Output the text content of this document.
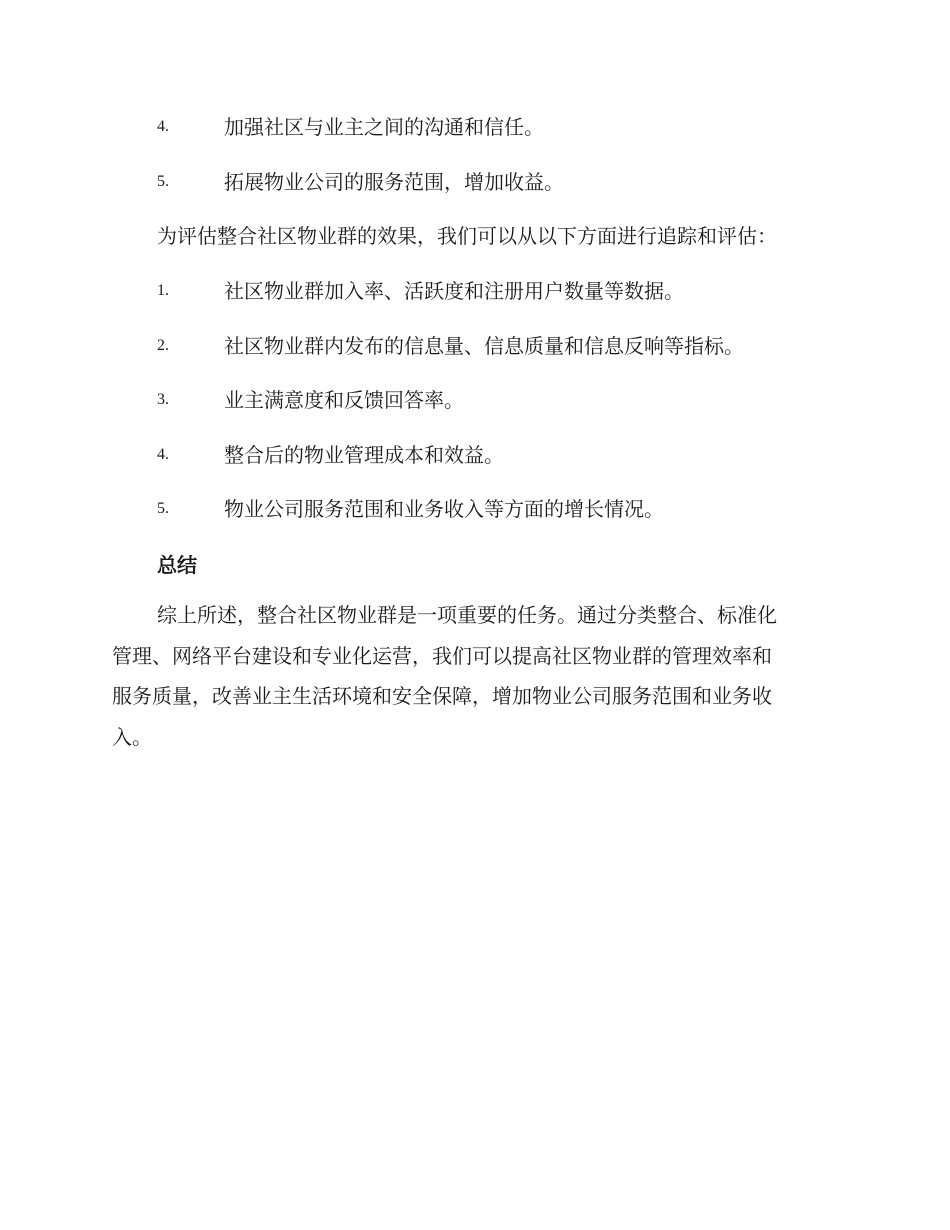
4.	加强社区与业主之间的沟通和信任。
5.	拓展物业公司的服务范围，增加收益。
为评估整合社区物业群的效果，我们可以从以下方面进行追踪和评估：
1.	社区物业群加入率、活跃度和注册用户数量等数据。
2.	社区物业群内发布的信息量、信息质量和信息反响等指标。
3.	业主满意度和反馈回答率。
4.	整合后的物业管理成本和效益。
5.	物业公司服务范围和业务收入等方面的增长情况。
总结
综上所述，整合社区物业群是一项重要的任务。通过分类整合、标准化
管理、网络平台建设和专业化运营，我们可以提高社区物业群的管理效率和
服务质量，改善业主生活环境和安全保障，增加物业公司服务范围和业务收
入。
